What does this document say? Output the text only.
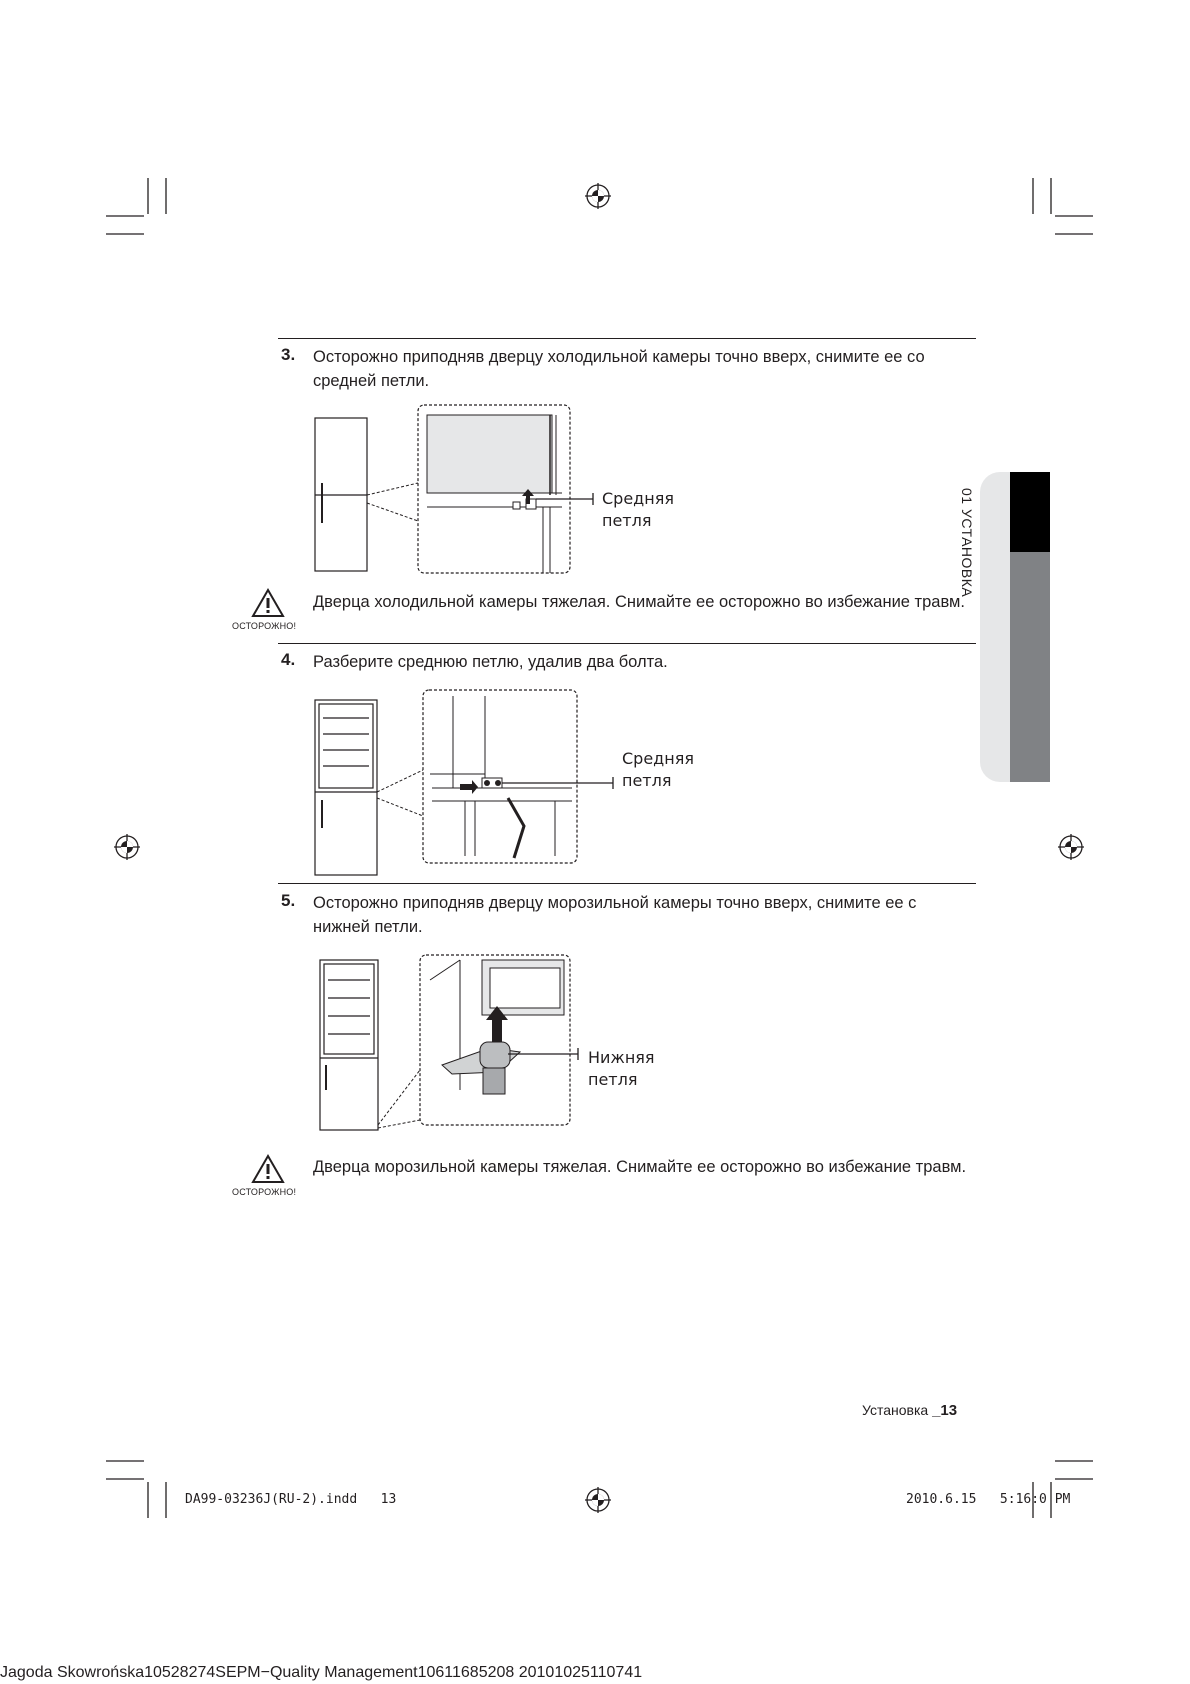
01 УСТАНОВКА
3. Осторожно приподняв дверцу холодильной камеры точно вверх, снимите ее со средней петли.
Средняя
петля
ОСТОРОЖНО!
Дверца холодильной камеры тяжелая. Снимайте ее осторожно во избежание травм.
4. Разберите среднюю петлю, удалив два болта.
Средняя
петля
5. Осторожно приподняв дверцу морозильной камеры точно вверх, снимите ее с нижней петли.
Нижняя
петля
ОСТОРОЖНО!
Дверца морозильной камеры тяжелая. Снимайте ее осторожно во избежание травм.
Установка _13
DA99-03236J(RU-2).indd   13	2010.6.15   5:16:0 PM
Jagoda Skowrońska10528274SEPM−Quality Management10611685208 20101025110741
